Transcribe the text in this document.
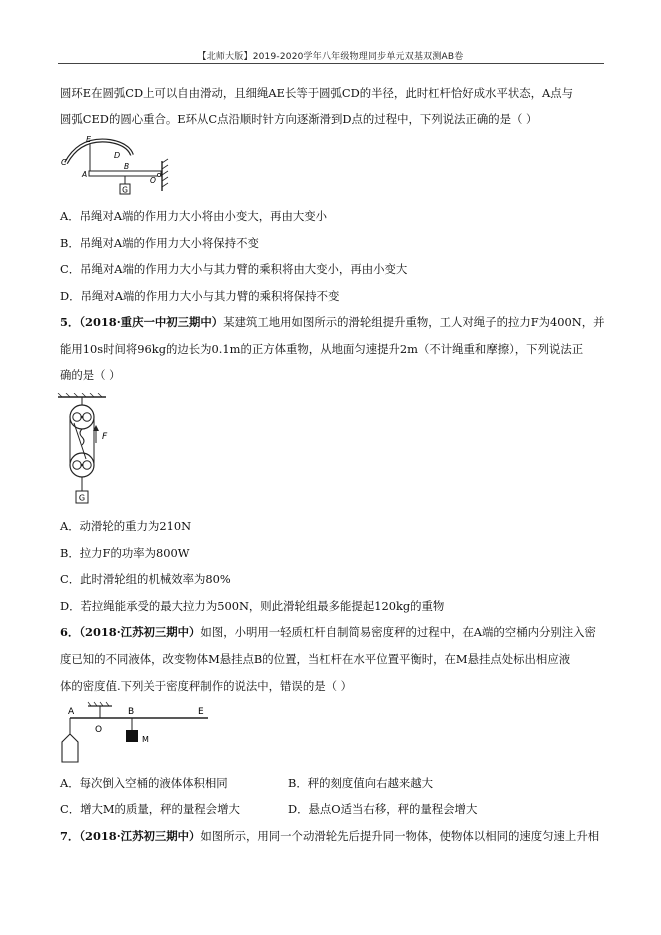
【北师大版】2019-2020学年八年级物理同步单元双基双测AB卷
圆环E在圆弧CD上可以自由滑动，且细绳AE长等于圆弧CD的半径，此时杠杆恰好成水平状态，A点与
圆弧CED的圆心重合。E环从C点沿顺时针方向逐渐滑到D点的过程中，下列说法正确的是（ ）
G
C
E
D
A
B
O
A．吊绳对A端的作用力大小将由小变大，再由大变小
B．吊绳对A端的作用力大小将保持不变
C．吊绳对A端的作用力大小与其力臂的乘积将由大变小，再由小变大
D．吊绳对A端的作用力大小与其力臂的乘积将保持不变
5．（2018·重庆一中初三期中）某建筑工地用如图所示的滑轮组提升重物，工人对绳子的拉力F为400N，并
能用10s时间将96kg的边长为0.1m的正方体重物，从地面匀速提升2m（不计绳重和摩擦），下列说法正
确的是（ ）
F
G
A．动滑轮的重力为210N
B．拉力F的功率为800W
C．此时滑轮组的机械效率为80%
D．若拉绳能承受的最大拉力为500N，则此滑轮组最多能提起120kg的重物
6．（2018·江苏初三期中）如图，小明用一轻质杠杆自制简易密度秤的过程中，在A端的空桶内分别注入密
度已知的不同液体，改变物体M悬挂点B的位置，当杠杆在水平位置平衡时，在M悬挂点处标出相应液
体的密度值.下列关于密度秤制作的说法中，错误的是（ ）
M
A
O
B	E
A．每次倒入空桶的液体体积相同	B．秤的刻度值向右越来越大
C．增大M的质量，秤的量程会增大	D．悬点O适当右移，秤的量程会增大
7．（2018·江苏初三期中）如图所示，用同一个动滑轮先后提升同一物体，使物体以相同的速度匀速上升相
